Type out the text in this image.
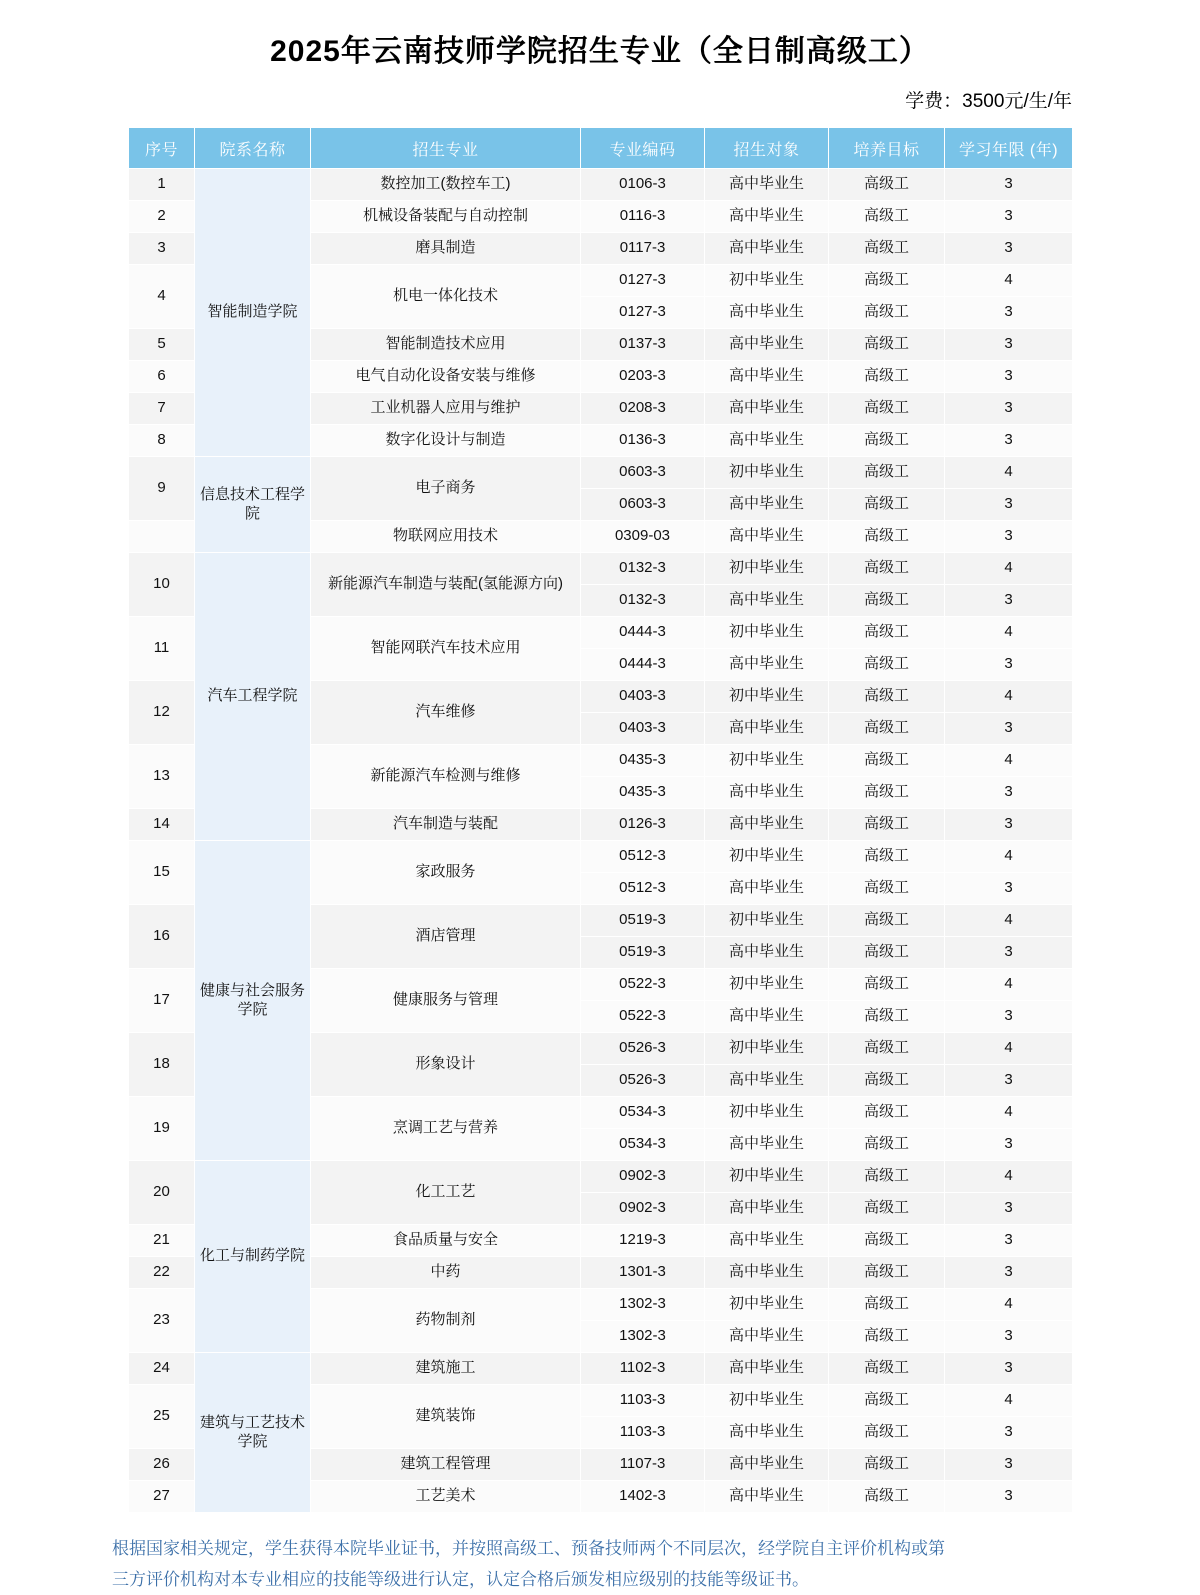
2025年云南技师学院招生专业（全日制高级工）
学费：3500元/生/年
序号	院系名称	招生专业	专业编码	招生对象	培养目标	学习年限 (年)
1	智能制造学院	数控加工(数控车工)	0106-3	高中毕业生	高级工	3
2		机械设备装配与自动控制	0116-3	高中毕业生	高级工	3
3		磨具制造	0117-3	高中毕业生	高级工	3
4		机电一体化技术	0127-3	初中毕业生	高级工	4
			0127-3	高中毕业生	高级工	3
5		智能制造技术应用	0137-3	高中毕业生	高级工	3
6		电气自动化设备安装与维修	0203-3	高中毕业生	高级工	3
7		工业机器人应用与维护	0208-3	高中毕业生	高级工	3
8		数字化设计与制造	0136-3	高中毕业生	高级工	3
9	信息技术工程学院	电子商务	0603-3	初中毕业生	高级工	4
			0603-3	高中毕业生	高级工	3
		物联网应用技术	0309-03	高中毕业生	高级工	3
10	汽车工程学院	新能源汽车制造与装配(氢能源方向)	0132-3	初中毕业生	高级工	4
			0132-3	高中毕业生	高级工	3
11		智能网联汽车技术应用	0444-3	初中毕业生	高级工	4
			0444-3	高中毕业生	高级工	3
12		汽车维修	0403-3	初中毕业生	高级工	4
			0403-3	高中毕业生	高级工	3
13		新能源汽车检测与维修	0435-3	初中毕业生	高级工	4
			0435-3	高中毕业生	高级工	3
14		汽车制造与装配	0126-3	高中毕业生	高级工	3
15	健康与社会服务学院	家政服务	0512-3	初中毕业生	高级工	4
			0512-3	高中毕业生	高级工	3
16		酒店管理	0519-3	初中毕业生	高级工	4
			0519-3	高中毕业生	高级工	3
17		健康服务与管理	0522-3	初中毕业生	高级工	4
			0522-3	高中毕业生	高级工	3
18		形象设计	0526-3	初中毕业生	高级工	4
			0526-3	高中毕业生	高级工	3
19		烹调工艺与营养	0534-3	初中毕业生	高级工	4
			0534-3	高中毕业生	高级工	3
20	化工与制药学院	化工工艺	0902-3	初中毕业生	高级工	4
			0902-3	高中毕业生	高级工	3
21		食品质量与安全	1219-3	高中毕业生	高级工	3
22		中药	1301-3	高中毕业生	高级工	3
23		药物制剂	1302-3	初中毕业生	高级工	4
			1302-3	高中毕业生	高级工	3
24	建筑与工艺技术学院	建筑施工	1102-3	高中毕业生	高级工	3
25		建筑装饰	1103-3	初中毕业生	高级工	4
			1103-3	高中毕业生	高级工	3
26		建筑工程管理	1107-3	高中毕业生	高级工	3
27		工艺美术	1402-3	高中毕业生	高级工	3

根据国家相关规定，学生获得本院毕业证书，并按照高级工、预备技师两个不同层次，经学院自主评价机构或第

三方评价机构对本专业相应的技能等级进行认定，认定合格后颁发相应级别的技能等级证书。
